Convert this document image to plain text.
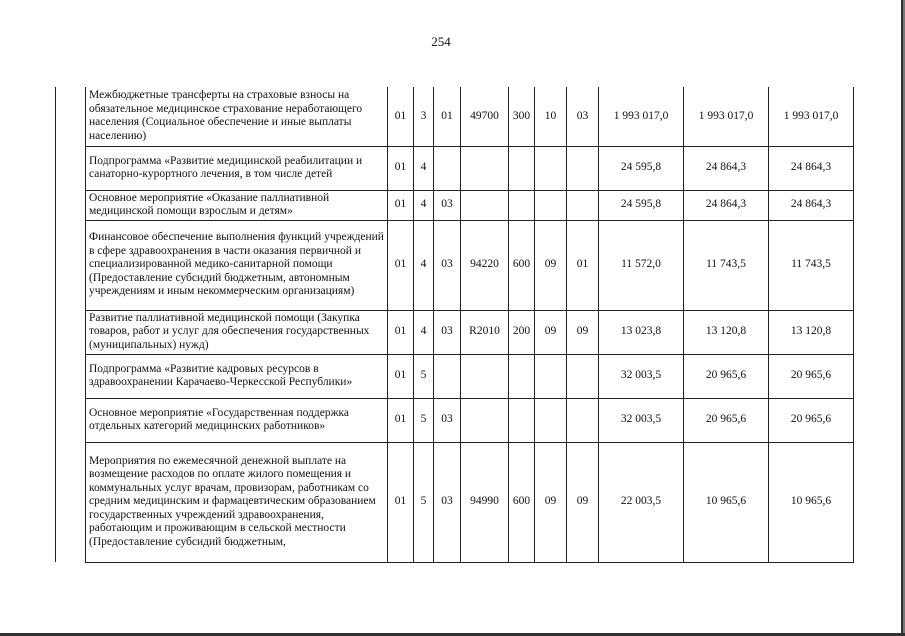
254
	Межбюджетные трансферты на страховые взносы на обязательное медицинское страхование неработающего населения (Социальное обеспечение и иные выплаты населению)	01	3	01	49700	300	10	03	1 993 017,0	1 993 017,0	1 993 017,0
	Подпрограмма «Развитие медицинской реабилитации и санаторно-курортного лечения, в том числе детей	01	4						24 595,8	24 864,3	24 864,3
	Основное мероприятие «Оказание паллиативной медицинской помощи взрослым и детям»	01	4	03					24 595,8	24 864,3	24 864,3
	Финансовое обеспечение выполнения функций учреждений в сфере здравоохранения в части оказания первичной и специализированной медико-санитарной помощи (Предоставление субсидий бюджетным, автономным учреждениям и иным некоммерческим организациям)	01	4	03	94220	600	09	01	11 572,0	11 743,5	11 743,5
	Развитие паллиативной медицинской помощи (Закупка товаров, работ и услуг для обеспечения государственных (муниципальных) нужд)	01	4	03	R2010	200	09	09	13 023,8	13 120,8	13 120,8
	Подпрограмма «Развитие кадровых ресурсов в здравоохранении Карачаево-Черкесской Республики»	01	5						32 003,5	20 965,6	20 965,6
	Основное мероприятие «Государственная поддержка отдельных категорий медицинских работников»	01	5	03					32 003,5	20 965,6	20 965,6
	Мероприятия по ежемесячной денежной выплате на возмещение расходов по оплате жилого помещения и коммунальных услуг врачам, провизорам, работникам со средним медицинским и фармацевтическим образованием государственных учреждений здравоохранения, работающим и проживающим в сельской местности (Предоставление субсидий бюджетным,	01	5	03	94990	600	09	09	22 003,5	10 965,6	10 965,6
